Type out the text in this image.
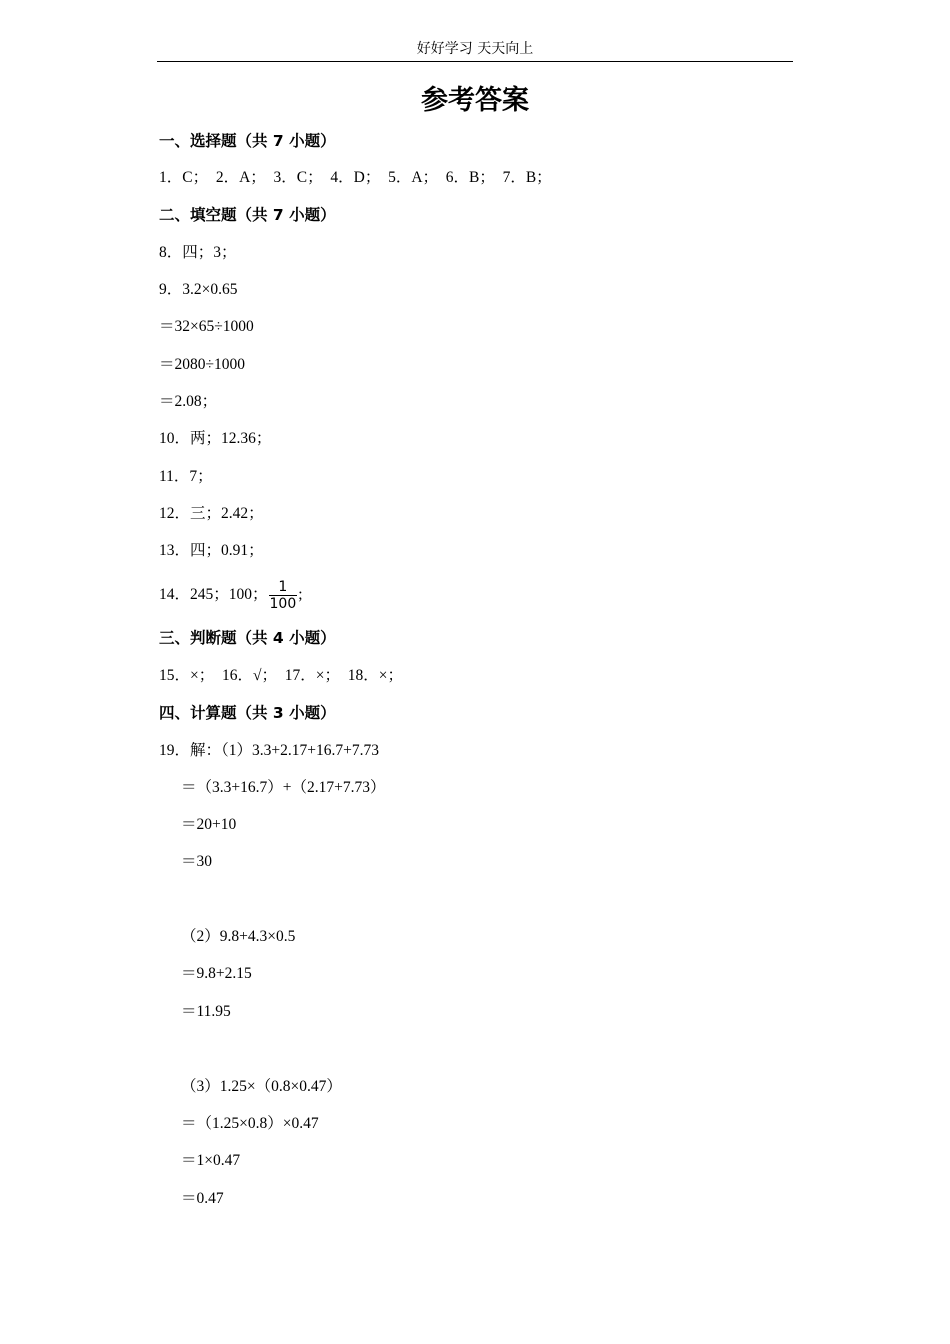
好好学习 天天向上
参考答案
一、选择题（共 7 小题）
1．C；  2．A；  3．C；  4．D；  5．A；  6．B；  7．B；
二、填空题（共 7 小题）
8．四；3；
9．3.2×0.65
＝32×65÷1000
＝2080÷1000
＝2.08；
10．两；12.36；
11．7；
12．三；2.42；
13．四；0.91；
14．245；100； $\frac{1}{100}$ ;
三、判断题（共 4 小题）
15．×；  16．√；  17．×；  18．×；
四、计算题（共 3 小题）
19．解：（1）3.3+2.17+16.7+7.73
＝（3.3+16.7）+（2.17+7.73）
＝20+10
＝30
（2）9.8+4.3×0.5
＝9.8+2.15
＝11.95
（3）1.25×（0.8×0.47）
＝（1.25×0.8）×0.47
＝1×0.47
＝0.47
